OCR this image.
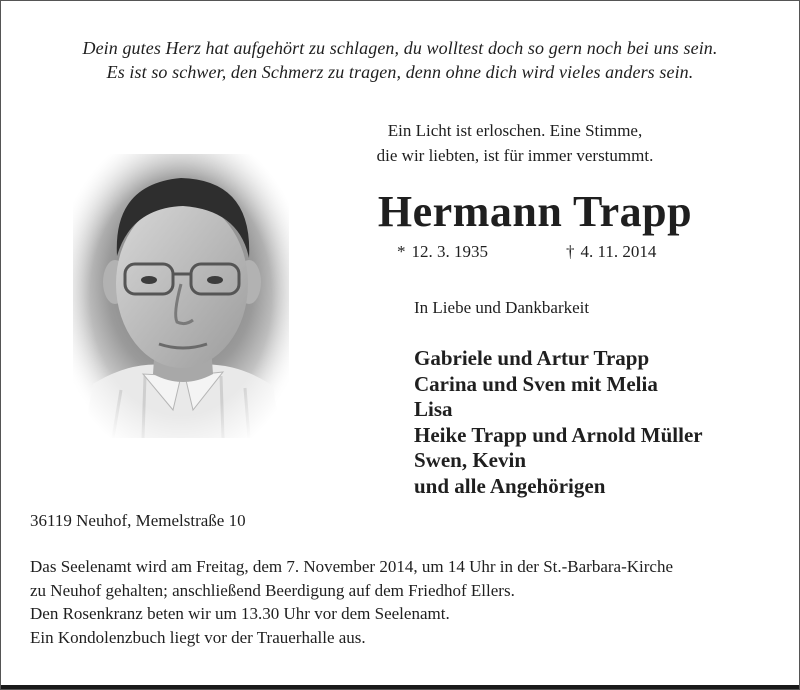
Dein gutes Herz hat aufgehört zu schlagen, du wolltest doch so gern noch bei uns sein.
Es ist so schwer, den Schmerz zu tragen, denn ohne dich wird vieles anders sein.
Ein Licht ist erloschen. Eine Stimme,
die wir liebten, ist für immer verstummt.
Hermann Trapp
* 12. 3. 1935	† 4. 11. 2014
In Liebe und Dankbarkeit
Gabriele und Artur Trapp
Carina und Sven mit Melia
Lisa
Heike Trapp und Arnold Müller
Swen, Kevin
und alle Angehörigen
36119 Neuhof, Memelstraße 10
Das Seelenamt wird am Freitag, dem 7. November 2014, um 14 Uhr in der St.-Barbara-Kirche
zu Neuhof gehalten; anschließend Beerdigung auf dem Friedhof Ellers.
Den Rosenkranz beten wir um 13.30 Uhr vor dem Seelenamt.
Ein Kondolenzbuch liegt vor der Trauerhalle aus.
